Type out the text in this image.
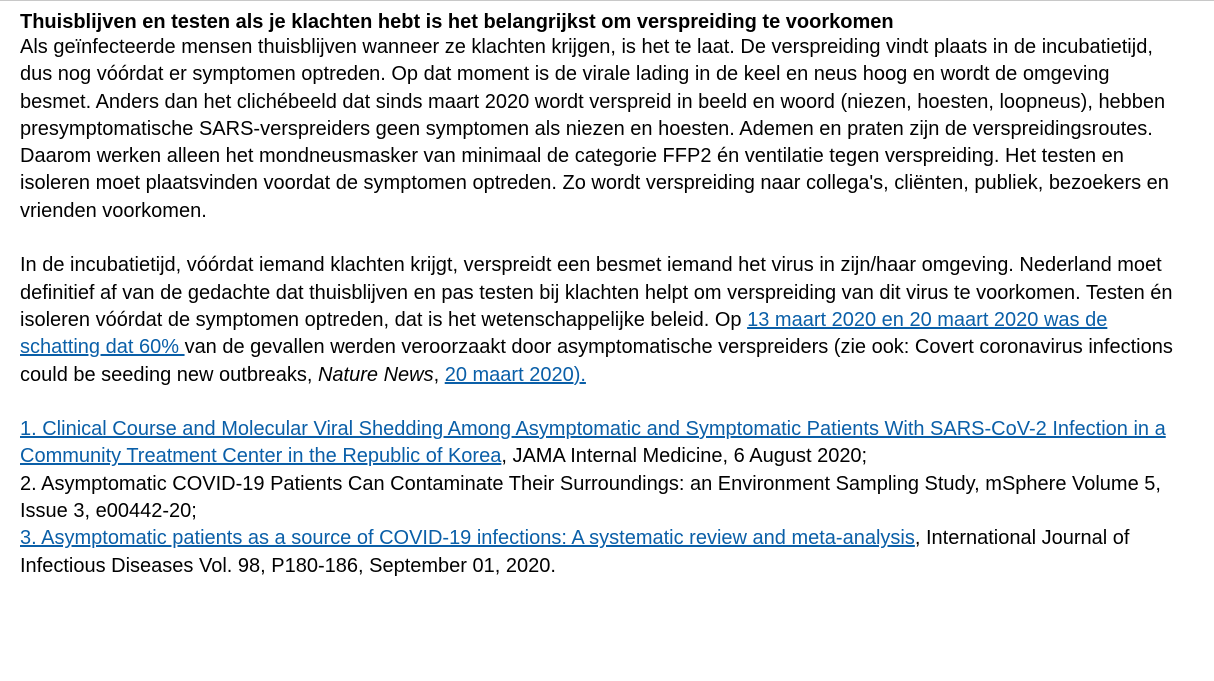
Thuisblijven en testen als je klachten hebt is het belangrijkst om verspreiding te voorkomen

Als geïnfecteerde mensen thuisblijven wanneer ze klachten krijgen, is het te laat. De verspreiding vindt plaats in de incubatietijd, dus nog vóórdat er symptomen optreden. Op dat moment is de virale lading in de keel en neus hoog en wordt de omgeving besmet. Anders dan het clichébeeld dat sinds maart 2020 wordt verspreid in beeld en woord (niezen, hoesten, loopneus), hebben presymptomatische SARS-verspreiders geen symptomen als niezen en hoesten. Ademen en praten zijn de verspreidingsroutes. Daarom werken alleen het mondneusmasker van minimaal de categorie FFP2 én ventilatie tegen verspreiding. Het testen en isoleren moet plaatsvinden voordat de symptomen optreden. Zo wordt verspreiding naar collega's, cliënten, publiek, bezoekers en vrienden voorkomen.

In de incubatietijd, vóórdat iemand klachten krijgt, verspreidt een besmet iemand het virus in zijn/haar omgeving. Nederland moet definitief af van de gedachte dat thuisblijven en pas testen bij klachten helpt om verspreiding van dit virus te voorkomen. Testen én isoleren vóórdat de symptomen optreden, dat is het wetenschappelijke beleid. Op 13 maart 2020 en 20 maart 2020 was de schatting dat 60% van de gevallen werden veroorzaakt door asymptomatische verspreiders (zie ook: Covert coronavirus infections could be seeding new outbreaks, Nature News, 20 maart 2020).

1. Clinical Course and Molecular Viral Shedding Among Asymptomatic and Symptomatic Patients With SARS-CoV-2 Infection in a Community Treatment Center in the Republic of Korea, JAMA Internal Medicine, 6 August 2020;

2. Asymptomatic COVID-19 Patients Can Contaminate Their Surroundings: an Environment Sampling Study, mSphere Volume 5, Issue 3, e00442-20;

3. Asymptomatic patients as a source of COVID-19 infections: A systematic review and meta-analysis, International Journal of Infectious Diseases Vol. 98, P180-186, September 01, 2020.
